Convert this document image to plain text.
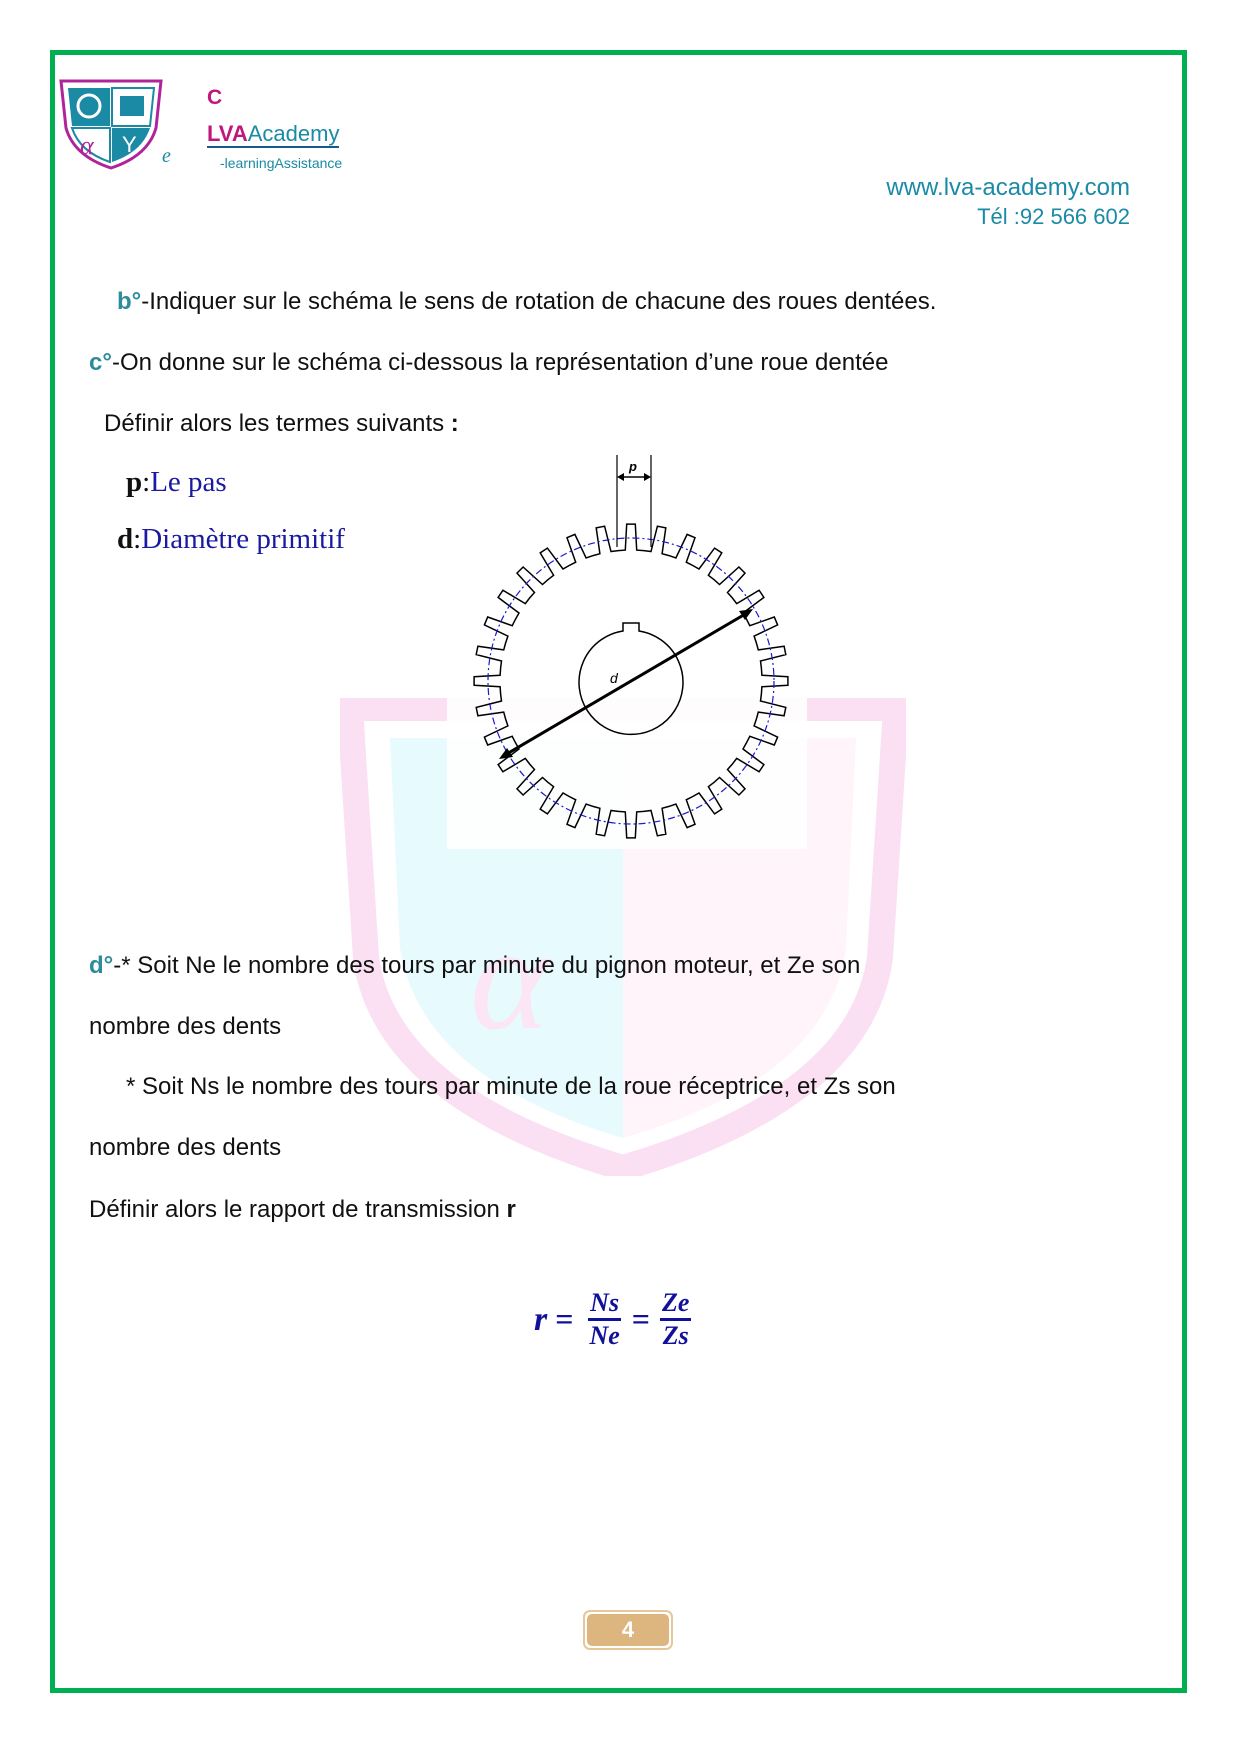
α
α Y e
C
LVAAcademy
-learningAssistance
www.lva-academy.com
Tél :92 566 602
b°-Indiquer sur le schéma le sens de rotation de chacune des roues dentées.
c°-On donne sur le schéma ci-dessous la représentation d’une roue dentée
Définir alors les termes suivants :
p:Le pas
d:Diamètre primitif
p
d
d°-* Soit Ne le nombre des tours par minute du pignon moteur, et Ze son
nombre des dents
* Soit Ns le nombre des tours par minute de la roue réceptrice, et Zs son
nombre des dents
Définir alors le rapport de transmission r
$r = \frac{Ns}{Ne} = \frac{Ze}{Zs}$
4
